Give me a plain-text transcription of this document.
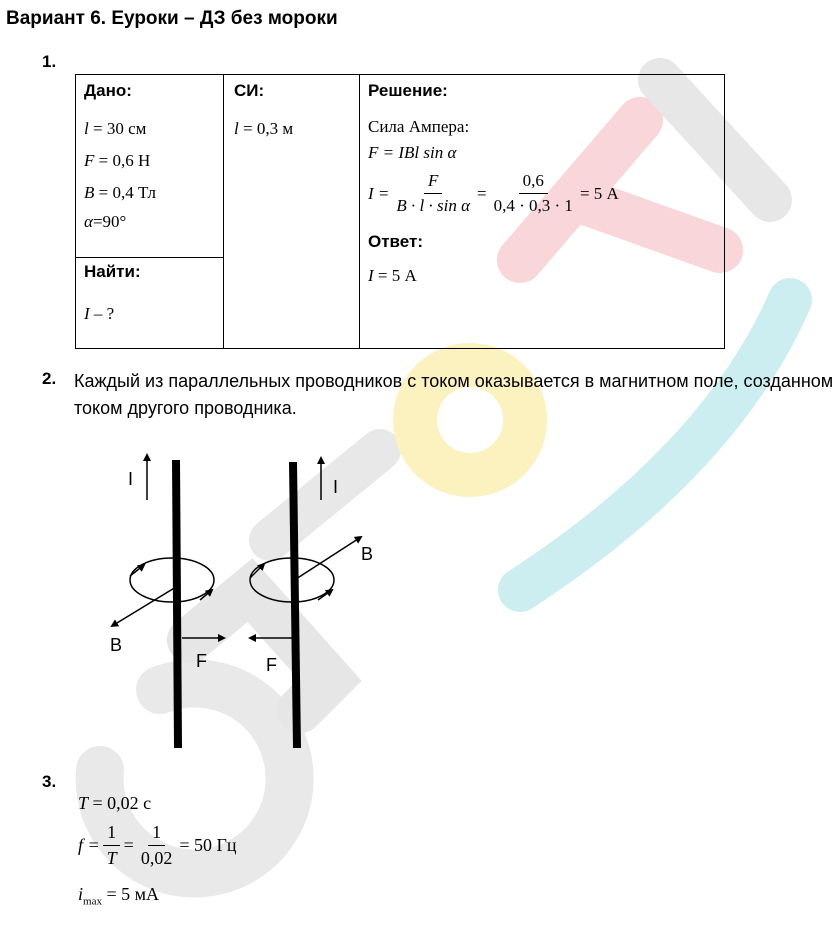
Вариант 6. Еуроки – ДЗ без мороки
1.
Дано:
l = 30 см
F = 0,6 Н
B = 0,4 Тл
α=90°

СИ:
l = 0,3 м

Решение:
Сила Ампера:
F = IBl sin α
$I = \frac{F}{\text{B · l · sin α}} = \frac{0,6}{0,4 \cdot 0,3 \cdot 1} = 5$ А
Ответ:
I = 5 А

Найти:
I – ?
2. Каждый из параллельных проводников с током оказывается в магнитном поле, созданном током другого проводника.
I	I
B
B
F	F
3.
T = 0,02 с
$f = \frac{1}{T} = \frac{1}{0,02} = 50$ Гц
$i_{max} = 5$ мА
